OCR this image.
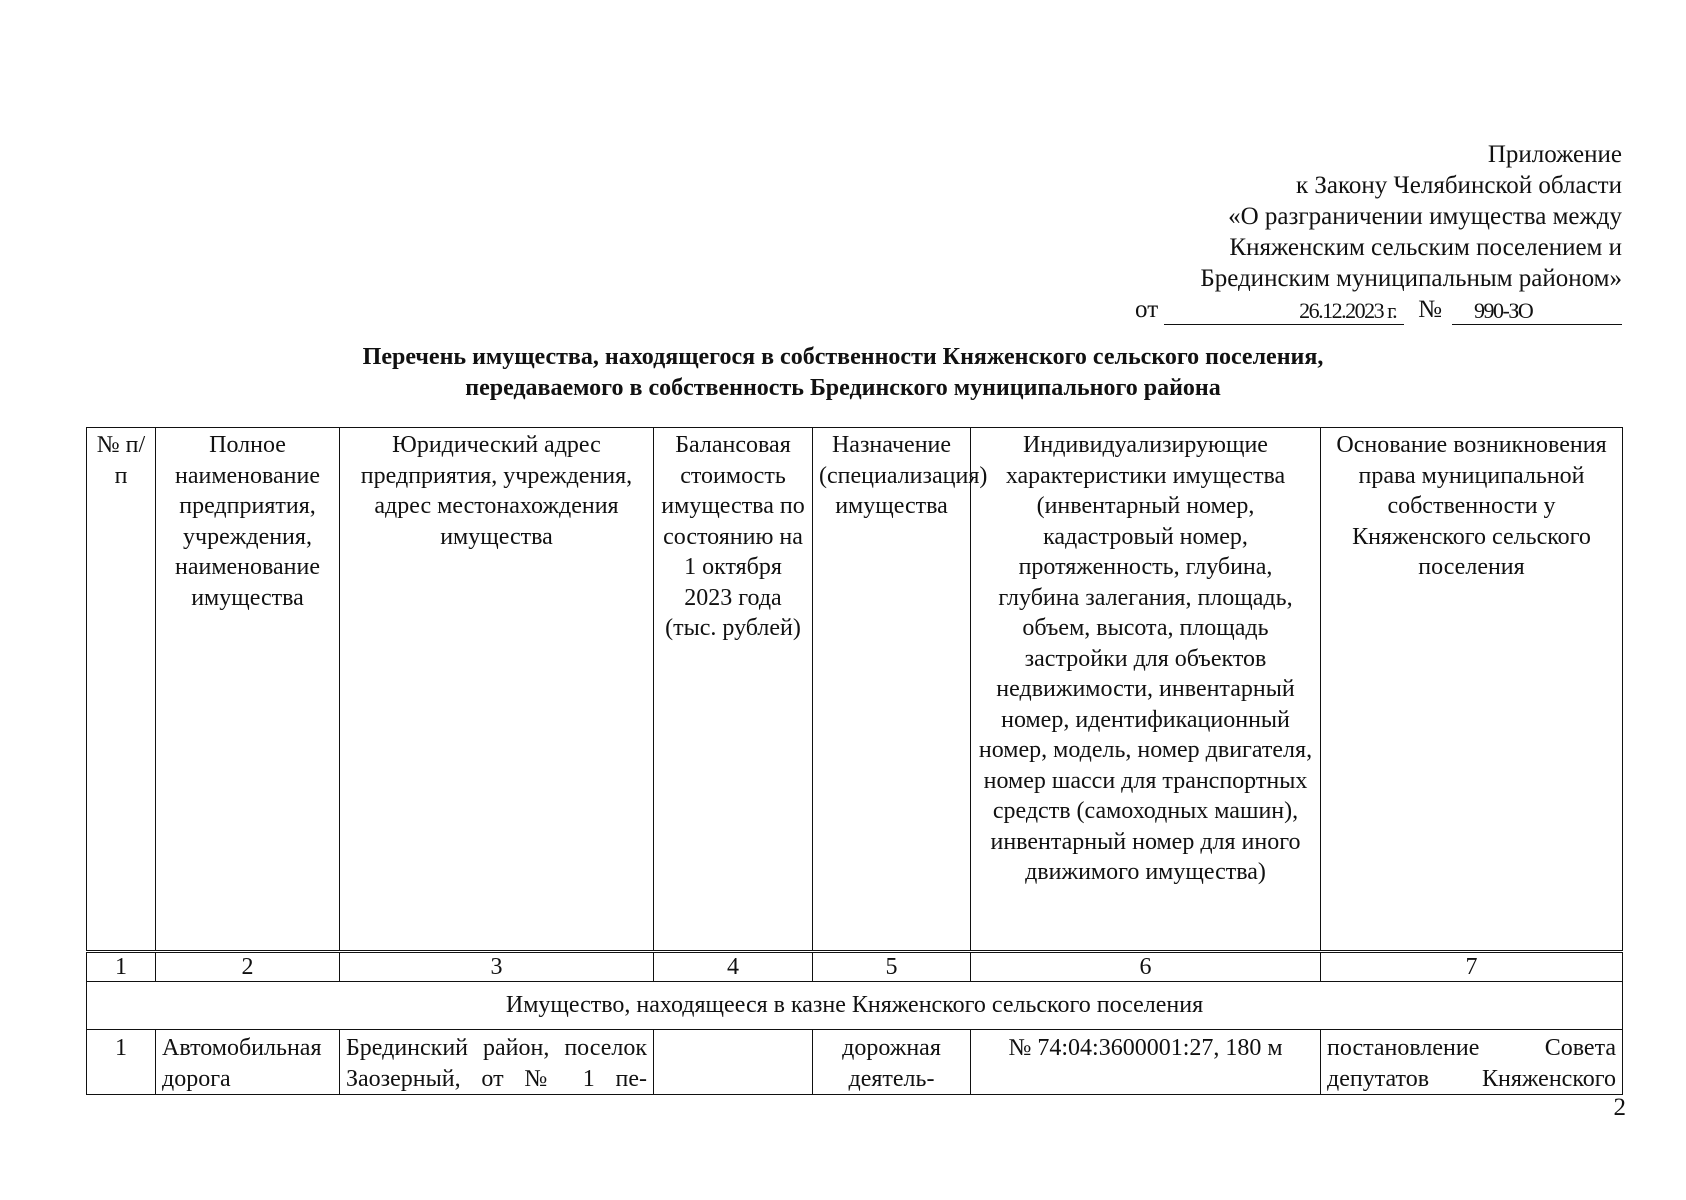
Приложение
к Закону Челябинской области
«О разграничении имущества между
Княженским сельским поселением и
Брединским муниципальным районом»
от	26.12.2023 г. №	990-ЗО
Перечень имущества, находящегося в собственности Княженского сельского поселения,
передаваемого в собственность Брединского муниципального района
№ п/п	Полное наименование предприятия, учреждения, наименование имущества	Юридический адрес предприятия, учреждения, адрес местонахождения имущества	Балансовая стоимость имущества по состоянию на 1 октября 2023 года (тыс. рублей)	Назначение (специализация) имущества	Индивидуализирующие характеристики имущества (инвентарный номер, кадастровый номер, протяженность, глубина, глубина залегания, площадь, объем, высота, площадь застройки для объектов недвижимости, инвентарный номер, идентификационный номер, модель, номер двигателя, номер шасси для транспортных средств (самоходных машин), инвентарный номер для иного движимого имущества)	Основание возникновения права муниципальной собственности у Княженского сельского поселения
1	2	3	4	5	6	7
Имущество, находящееся в казне Княженского сельского поселения						
1	Автомобильная дорога	Брединский район, поселок Заозерный, от № 1 пе-		дорожная деятель-	№ 74:04:3600001:27, 180 м	постановление Совета депутатов Княженского
2
